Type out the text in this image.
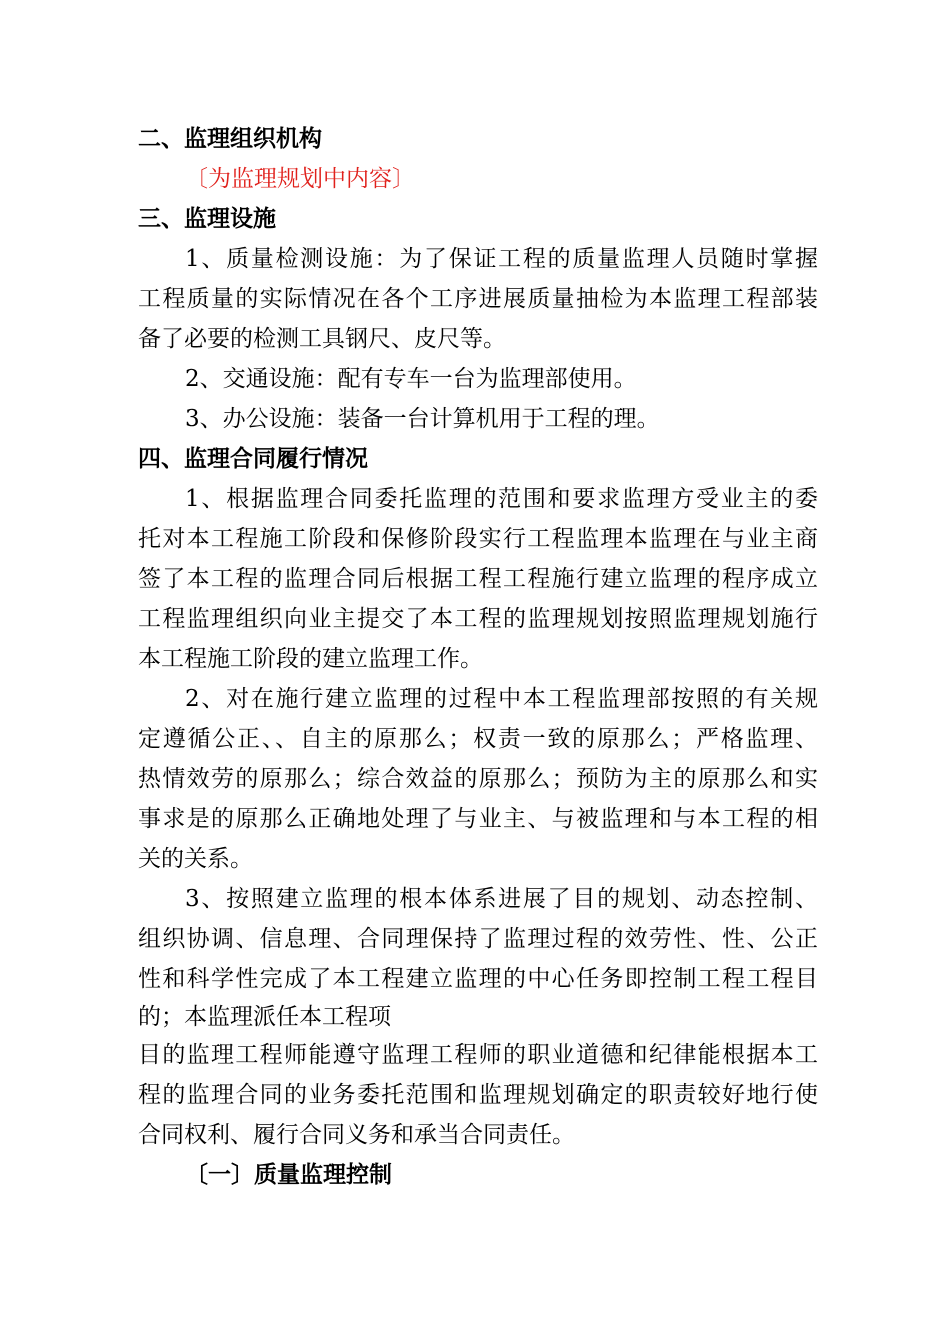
二、监理组织机构
〔为监理规划中内容〕
三、监理设施
1、质量检测设施：为了保证工程的质量监理人员随时掌握
工程质量的实际情况在各个工序进展质量抽检为本监理工程部装
备了必要的检测工具钢尺、皮尺等。
2、交通设施：配有专车一台为监理部使用。
3、办公设施：装备一台计算机用于工程的理。
四、监理合同履行情况
1、根据监理合同委托监理的范围和要求监理方受业主的委
托对本工程施工阶段和保修阶段实行工程监理本监理在与业主商
签了本工程的监理合同后根据工程工程施行建立监理的程序成立
工程监理组织向业主提交了本工程的监理规划按照监理规划施行
本工程施工阶段的建立监理工作。
2、对在施行建立监理的过程中本工程监理部按照的有关规
定遵循公正、、自主的原那么；权责一致的原那么；严格监理、
热情效劳的原那么；综合效益的原那么；预防为主的原那么和实
事求是的原那么正确地处理了与业主、与被监理和与本工程的相
关的关系。
3、按照建立监理的根本体系进展了目的规划、动态控制、
组织协调、信息理、合同理保持了监理过程的效劳性、性、公正
性和科学性完成了本工程建立监理的中心任务即控制工程工程目
的；本监理派任本工程项
目的监理工程师能遵守监理工程师的职业道德和纪律能根据本工
程的监理合同的业务委托范围和监理规划确定的职责较好地行使
合同权利、履行合同义务和承当合同责任。
〔一〕质量监理控制
